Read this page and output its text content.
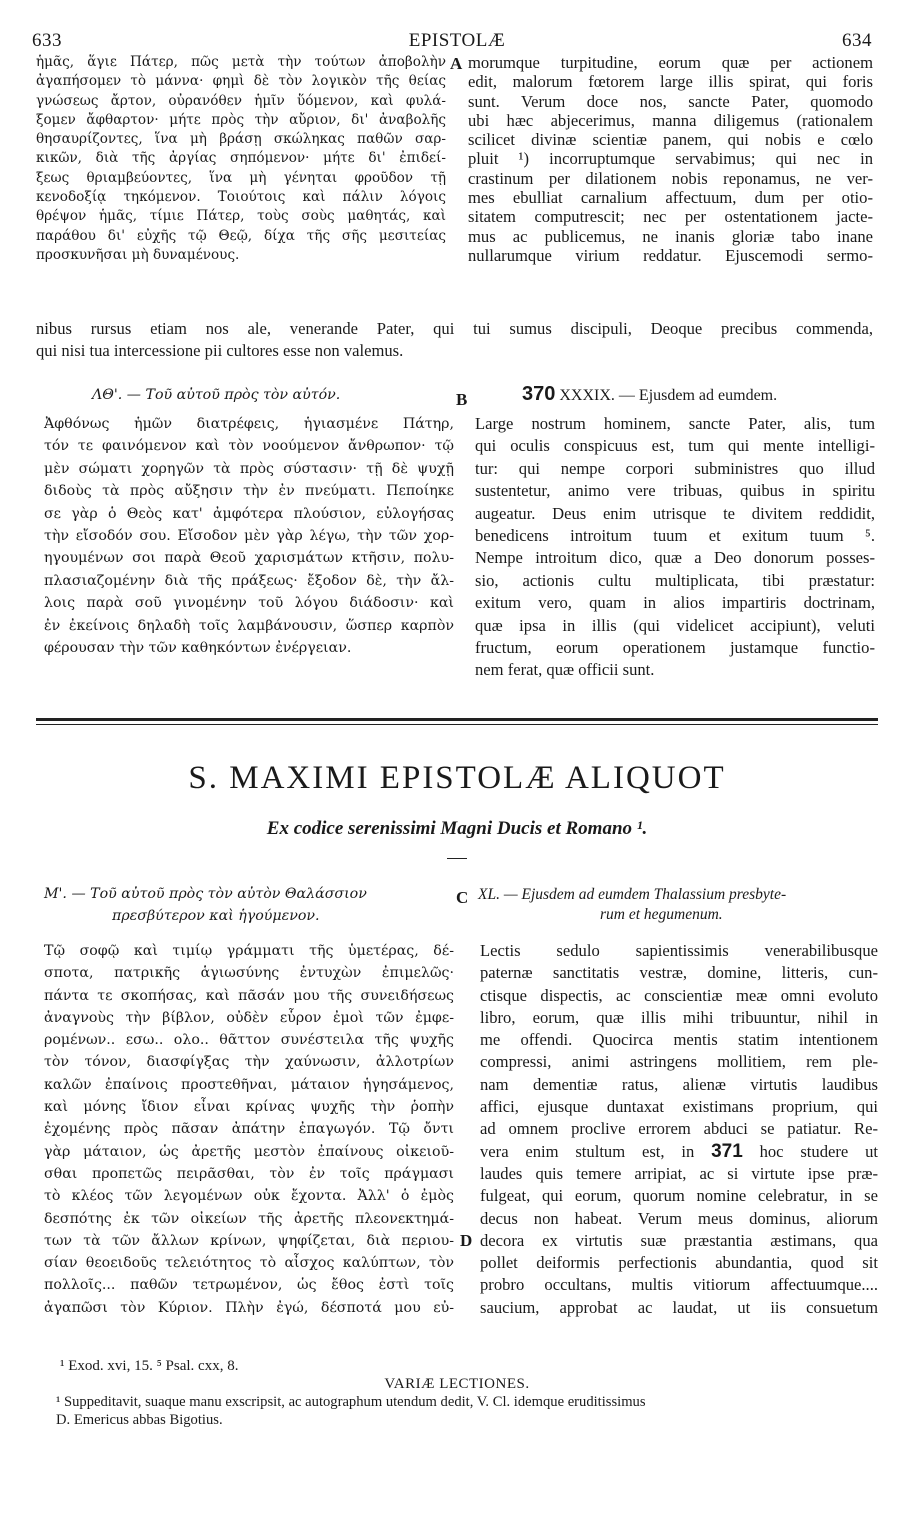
633	EPISTOLÆ	634
ἡμᾶς, ἅγιε Πάτερ, πῶς μετὰ τὴν τούτων ἀποβολὴν
ἀγαπήσομεν τὸ μάννα· φημὶ δὲ τὸν λογικὸν τῆς θείας
γνώσεως ἄρτον, οὐρανόθεν ἡμῖν ὕόμενον, καὶ φυλά-
ξομεν ἄφθαρτον· μήτε πρὸς τὴν αὔριον, δι' ἀναβολῆς
θησαυρίζοντες, ἵνα μὴ βράσῃ σκώληκας παθῶν σαρ-
κικῶν, διὰ τῆς ἀργίας σηπόμενον· μήτε δι' ἐπιδεί-
ξεως θριαμβεύοντες, ἵνα μὴ γένηται φροῦδον τῇ
κενοδοξίᾳ τηκόμενον. Τοιούτοις καὶ πάλιν λόγοις
θρέψον ἡμᾶς, τίμιε Πάτερ, τοὺς σοὺς μαθητάς, καὶ
παράθου δι' εὐχῆς τῷ Θεῷ, δίχα τῆς σῆς μεσιτείας
προσκυνῆσαι μὴ δυναμένους.
A morumque turpitudine, eorum quæ per actionem
edit, malorum fœtorem large illis spirat, qui foris
sunt. Verum doce nos, sancte Pater, quomodo
ubi hæc abjecerimus, manna diligemus (rationalem
scilicet divinæ scientiæ panem, qui nobis e cœlo
pluit ¹) incorruptumque servabimus; qui nec in
crastinum per dilationem nobis reponamus, ne ver-
mes ebulliat carnalium affectuum, dum per otio-
sitatem computrescit; nec per ostentationem jacte-
mus ac publicemus, ne inanis gloriæ tabo inane
nullarumque virium reddatur. Ejuscemodi sermo-
nibus rursus etiam nos ale, venerande Pater, qui tui sumus discipuli, Deoque precibus commenda,
qui nisi tua intercessione pii cultores esse non valemus.
ΛΘ'. — Τοῦ αὐτοῦ πρὸς τὸν αὐτόν.	B	370 XXXIX. — Ejusdem ad eumdem.
Ἀφθόνως ἡμῶν διατρέφεις, ἡγιασμένε Πάτηρ,
τόν τε φαινόμενον καὶ τὸν νοούμενον ἄνθρωπον· τῷ
μὲν σώματι χορηγῶν τὰ πρὸς σύστασιν· τῇ δὲ ψυχῇ
διδοὺς τὰ πρὸς αὔξησιν τὴν ἐν πνεύματι. Πεποίηκε
σε γὰρ ὁ Θεὸς κατ' ἀμφότερα πλούσιον, εὐλογήσας
τὴν εἴσοδόν σου. Εἴσοδον μὲν γὰρ λέγω, τὴν τῶν χορ-
ηγουμένων σοι παρὰ Θεοῦ χαρισμάτων κτῆσιν, πολυ-
πλασιαζομένην διὰ τῆς πράξεως· ἔξοδον δὲ, τὴν ἄλ-
λοις παρὰ σοῦ γινομένην τοῦ λόγου διάδοσιν· καὶ
ἐν ἐκείνοις δηλαδὴ τοῖς λαμβάνουσιν, ὥσπερ καρπὸν
φέρουσαν τὴν τῶν καθηκόντων ἐνέργειαν.
Large nostrum hominem, sancte Pater, alis, tum
qui oculis conspicuus est, tum qui mente intelligi-
tur: qui nempe corpori subministres quo illud
sustentetur, animo vere tribuas, quibus in spiritu
augeatur. Deus enim utrisque te divitem reddidit,
benedicens introitum tuum et exitum tuum ⁵.
Nempe introitum dico, quæ a Deo donorum posses-
sio, actionis cultu multiplicata, tibi præstatur:
exitum vero, quam in alios impartiris doctrinam,
quæ ipsa in illis (qui videlicet accipiunt), veluti
fructum, eorum operationem justamque functio-
nem ferat, quæ officii sunt.
S. MAXIMI EPISTOLÆ ALIQUOT
Ex codice serenissimi Magni Ducis et Romano ¹.
Μ'. — Τοῦ αὐτοῦ πρὸς τὸν αὐτὸν Θαλάσσιον
πρεσβύτερον καὶ ἡγούμενον.
C XL. — Ejusdem ad eumdem Thalassium presbyte-
rum et hegumenum.
Τῷ σοφῷ καὶ τιμίῳ γράμματι τῆς ὑμετέρας, δέ-
σποτα, πατρικῆς ἁγιωσύνης ἐντυχὼν ἐπιμελῶς·
πάντα τε σκοπήσας, καὶ πᾶσάν μου τῆς συνειδήσεως
ἀναγνοὺς τὴν βίβλον, οὐδὲν εὗρον ἐμοὶ τῶν ἐμφε-
ρομένων.. εσω.. ολο.. θᾶττον συνέστειλα τῆς ψυχῆς
τὸν τόνον, διασφίγξας τὴν χαύνωσιν, ἀλλοτρίων
καλῶν ἐπαίνοις προστεθῆναι, μάταιον ἡγησάμενος,
καὶ μόνης ἴδιον εἶναι κρίνας ψυχῆς τὴν ῥοπὴν
ἐχομένης πρὸς πᾶσαν ἀπάτην ἐπαγωγόν. Τῷ ὄντι
γὰρ μάταιον, ὡς ἀρετῆς μεστὸν ἐπαίνους οἰκειοῦ-
σθαι προπετῶς πειρᾶσθαι, τὸν ἐν τοῖς πράγμασι
τὸ κλέος τῶν λεγομένων οὐκ ἔχοντα. Ἀλλ' ὁ ἐμὸς
δεσπότης ἐκ τῶν οἰκείων τῆς ἀρετῆς πλεονεκτημά-
των τὰ τῶν ἄλλων κρίνων, ψηφίζεται, διὰ περιου-
σίαν θεοειδοῦς τελειότητος τὸ αἶσχος καλύπτων, τὸν
πολλοῖς... παθῶν τετρωμένον, ὡς ἔθος ἐστὶ τοῖς
ἀγαπῶσι τὸν Κύριον. Πλὴν ἐγώ, δέσποτά μου εὐ-
D
Lectis sedulo sapientissimis venerabilibusque
paternæ sanctitatis vestræ, domine, litteris, cun-
ctisque dispectis, ac conscientiæ meæ omni evoluto
libro, eorum, quæ illis mihi tribuuntur, nihil in
me offendi. Quocirca mentis statim intentionem
compressi, animi astringens mollitiem, rem ple-
nam dementiæ ratus, alienæ virtutis laudibus
affici, ejusque duntaxat existimans proprium, qui
ad omnem proclive errorem abduci se patiatur. Re-
vera enim stultum est, in 371 hoc studere ut
laudes quis temere arripiat, ac si virtute ipse præ-
fulgeat, qui eorum, quorum nomine celebratur, in se
decus non habeat. Verum meus dominus, aliorum
decora ex virtutis suæ præstantia æstimans, qua
pollet deiformis perfectionis abundantia, quod sit
probro occultans, multis vitiorum affectuumque....
saucium, approbat ac laudat, ut iis consuetum
¹ Exod. xvi, 15. ⁵ Psal. cxx, 8.
VARIÆ LECTIONES.
¹ Suppeditavit, suaque manu exscripsit, ac autographum utendum dedit, V. Cl. idemque eruditissimus
D. Emericus abbas Bigotius.
